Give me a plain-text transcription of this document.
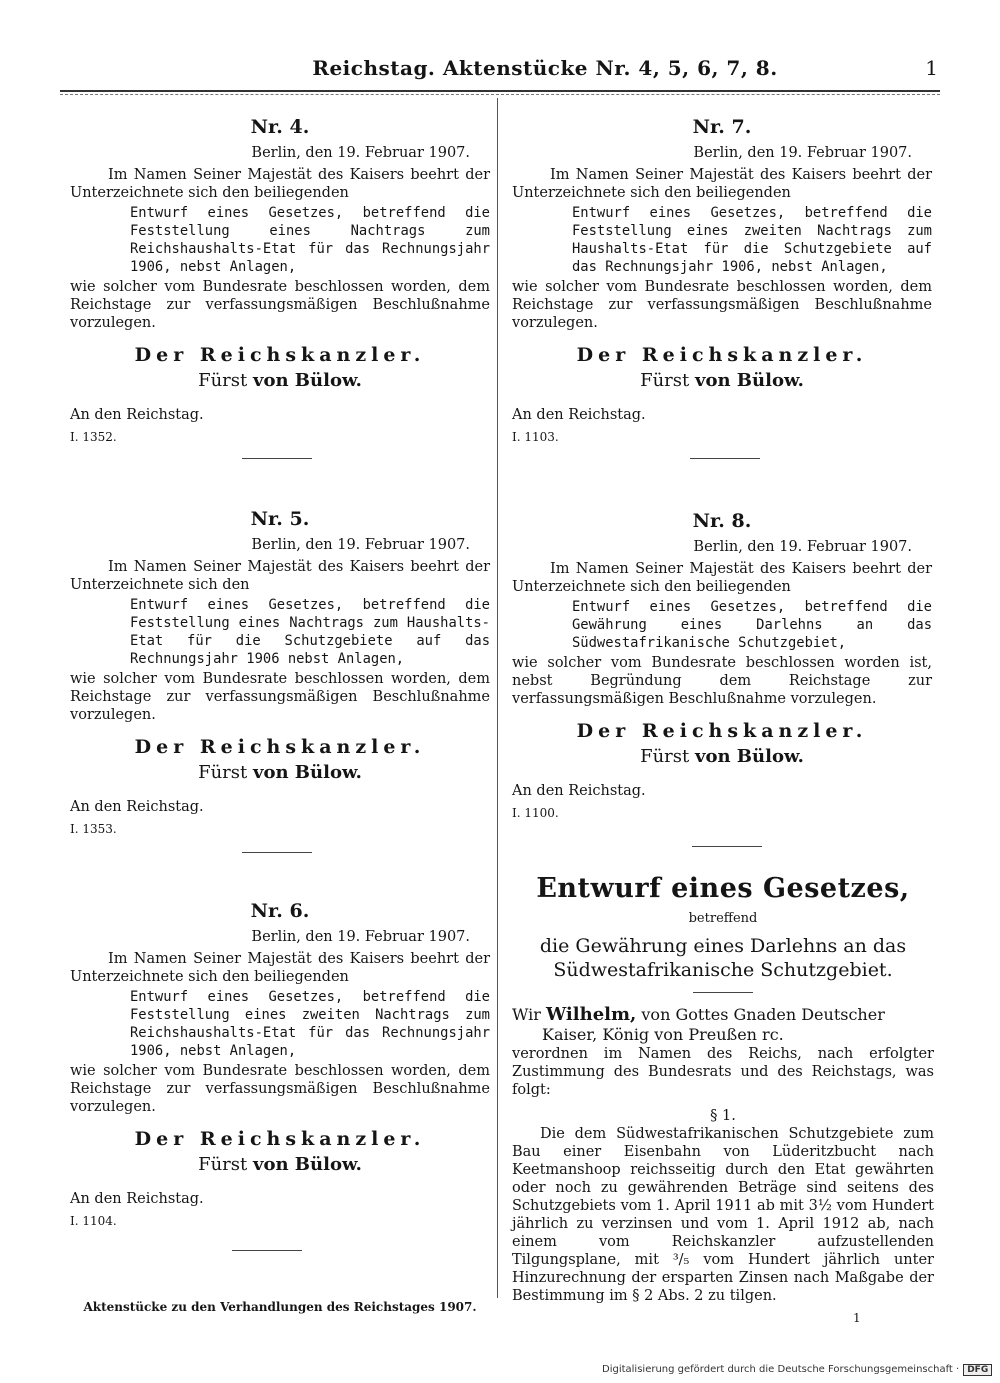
Reichstag. Aktenstücke Nr. 4, 5, 6, 7, 8.	1
Nr. 4.
Berlin, den 19. Februar 1907.
Im Namen Seiner Majestät des Kaisers beehrt der Unterzeichnete sich den beiliegenden
Entwurf eines Gesetzes, betreffend die Feststellung eines Nachtrags zum Reichshaushalts-Etat für das Rechnungsjahr 1906, nebst Anlagen,
wie solcher vom Bundesrate beschlossen worden, dem Reichstage zur verfassungsmäßigen Beschlußnahme vorzulegen.
Der Reichskanzler.
Fürst von Bülow.
An den Reichstag.
I. 1352.
Nr. 5.
Berlin, den 19. Februar 1907.
Im Namen Seiner Majestät des Kaisers beehrt der Unterzeichnete sich den
Entwurf eines Gesetzes, betreffend die Feststellung eines Nachtrags zum Haushalts-Etat für die Schutzgebiete auf das Rechnungsjahr 1906 nebst Anlagen,
wie solcher vom Bundesrate beschlossen worden, dem Reichstage zur verfassungsmäßigen Beschlußnahme vorzulegen.
Der Reichskanzler.
Fürst von Bülow.
An den Reichstag.
I. 1353.
Nr. 6.
Berlin, den 19. Februar 1907.
Im Namen Seiner Majestät des Kaisers beehrt der Unterzeichnete sich den beiliegenden
Entwurf eines Gesetzes, betreffend die Feststellung eines zweiten Nachtrags zum Reichshaushalts-Etat für das Rechnungsjahr 1906, nebst Anlagen,
wie solcher vom Bundesrate beschlossen worden, dem Reichstage zur verfassungsmäßigen Beschlußnahme vorzulegen.
Der Reichskanzler.
Fürst von Bülow.
An den Reichstag.
I. 1104.
Nr. 7.
Berlin, den 19. Februar 1907.
Im Namen Seiner Majestät des Kaisers beehrt der Unterzeichnete sich den beiliegenden
Entwurf eines Gesetzes, betreffend die Feststellung eines zweiten Nachtrags zum Haushalts-Etat für die Schutzgebiete auf das Rechnungsjahr 1906, nebst Anlagen,
wie solcher vom Bundesrate beschlossen worden, dem Reichstage zur verfassungsmäßigen Beschlußnahme vorzulegen.
Der Reichskanzler.
Fürst von Bülow.
An den Reichstag.
I. 1103.
Nr. 8.
Berlin, den 19. Februar 1907.
Im Namen Seiner Majestät des Kaisers beehrt der Unterzeichnete sich den beiliegenden
Entwurf eines Gesetzes, betreffend die Gewährung eines Darlehns an das Südwestafrikanische Schutzgebiet,
wie solcher vom Bundesrate beschlossen worden ist, nebst Begründung dem Reichstage zur verfassungsmäßigen Beschlußnahme vorzulegen.
Der Reichskanzler.
Fürst von Bülow.
An den Reichstag.
I. 1100.
Entwurf eines Gesetzes,
betreffend
die Gewährung eines Darlehns an das Südwestafrikanische Schutzgebiet.
Wir Wilhelm, von Gottes Gnaden Deutscher
Kaiser, König von Preußen rc.
verordnen im Namen des Reichs, nach erfolgter Zustimmung des Bundesrats und des Reichstags, was folgt:
§ 1.
Die dem Südwestafrikanischen Schutzgebiete zum Bau einer Eisenbahn von Lüderitzbucht nach Keetmanshoop reichsseitig durch den Etat gewährten oder noch zu gewährenden Beträge sind seitens des Schutzgebiets vom 1. April 1911 ab mit 3½ vom Hundert jährlich zu verzinsen und vom 1. April 1912 ab, nach einem vom Reichskanzler aufzustellenden Tilgungsplane, mit ³/₅ vom Hundert jährlich unter Hinzurechnung der ersparten Zinsen nach Maßgabe der Bestimmung im § 2 Abs. 2 zu tilgen.
Aktenstücke zu den Verhandlungen des Reichstages 1907.
1
Digitalisierung gefördert durch die Deutsche Forschungsgemeinschaft · DFG
